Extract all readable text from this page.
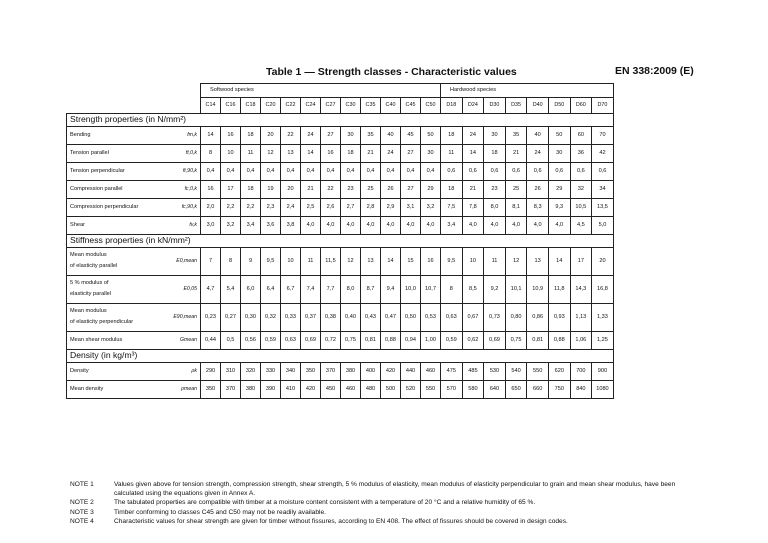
Table 1 — Strength classes - Characteristic values	EN 338:2009 (E)
		Softwood species												Hardwood species							
		C14	C16	C18	C20	C22	C24	C27	C30	C35	C40	C45	C50	D18	D24	D30	D35	D40	D50	D60	D70
Strength properties (in N/mm²)																					

Bending	fm,k	14	16	18	20	22	24	27	30	35	40	45	50	18	24	30	35	40	50	60	70

Tension parallel	ft,0,k	8	10	11	12	13	14	16	18	21	24	27	30	11	14	18	21	24	30	36	42

Tension perpendicular	ft,90,k	0,4	0,4	0,4	0,4	0,4	0,4	0,4	0,4	0,4	0,4	0,4	0,4	0,6	0,6	0,6	0,6	0,6	0,6	0,6	0,6

Compression parallel	fc,0,k	16	17	18	19	20	21	22	23	25	26	27	29	18	21	23	25	26	29	32	34

Compression perpendicular	fc,90,k	2,0	2,2	2,2	2,3	2,4	2,5	2,6	2,7	2,8	2,9	3,1	3,2	7,5	7,8	8,0	8,1	8,3	9,3	10,5	13,5

Shear	fv,k	3,0	3,2	3,4	3,6	3,8	4,0	4,0	4,0	4,0	4,0	4,0	4,0	3,4	4,0	4,0	4,0	4,0	4,0	4,5	5,0
Stiffness properties (in kN/mm²)																					

Mean modulus
of elasticity parallel	E0,mean	7	8	9	9,5	10	11	11,5	12	13	14	15	16	9,5	10	11	12	13	14	17	20

5 % modulus of
elasticity parallel	E0,05	4,7	5,4	6,0	6,4	6,7	7,4	7,7	8,0	8,7	9,4	10,0	10,7	8	8,5	9,2	10,1	10,9	11,8	14,3	16,8

Mean modulus
of elasticity perpendicular	E90,mean	0,23	0,27	0,30	0,32	0,33	0,37	0,38	0,40	0,43	0,47	0,50	0,53	0,63	0,67	0,73	0,80	0,86	0,93	1,13	1,33

Mean shear modulus	Gmean	0,44	0,5	0,56	0,59	0,63	0,69	0,72	0,75	0,81	0,88	0,94	1,00	0,59	0,62	0,69	0,75	0,81	0,88	1,06	1,25
Density (in kg/m³)																					

Density	ρk	290	310	320	330	340	350	370	380	400	420	440	460	475	485	530	540	550	620	700	900

Mean density	ρmean	350	370	380	390	410	420	450	460	480	500	520	550	570	580	640	650	660	750	840	1080
NOTE 1	Values given above for tension strength, compression strength, shear strength, 5 % modulus of elasticity, mean modulus of elasticity perpendicular to grain and mean shear modulus, have been calculated using the equations given in Annex A.
NOTE 2	The tabulated properties are compatible with timber at a moisture content consistent with a temperature of 20 °C and a relative humidity of 65 %.
NOTE 3	Timber conforming to classes C45 and C50 may not be readily available.
NOTE 4	Characteristic values for shear strength are given for timber without fissures, according to EN 408. The effect of fissures should be covered in design codes.
